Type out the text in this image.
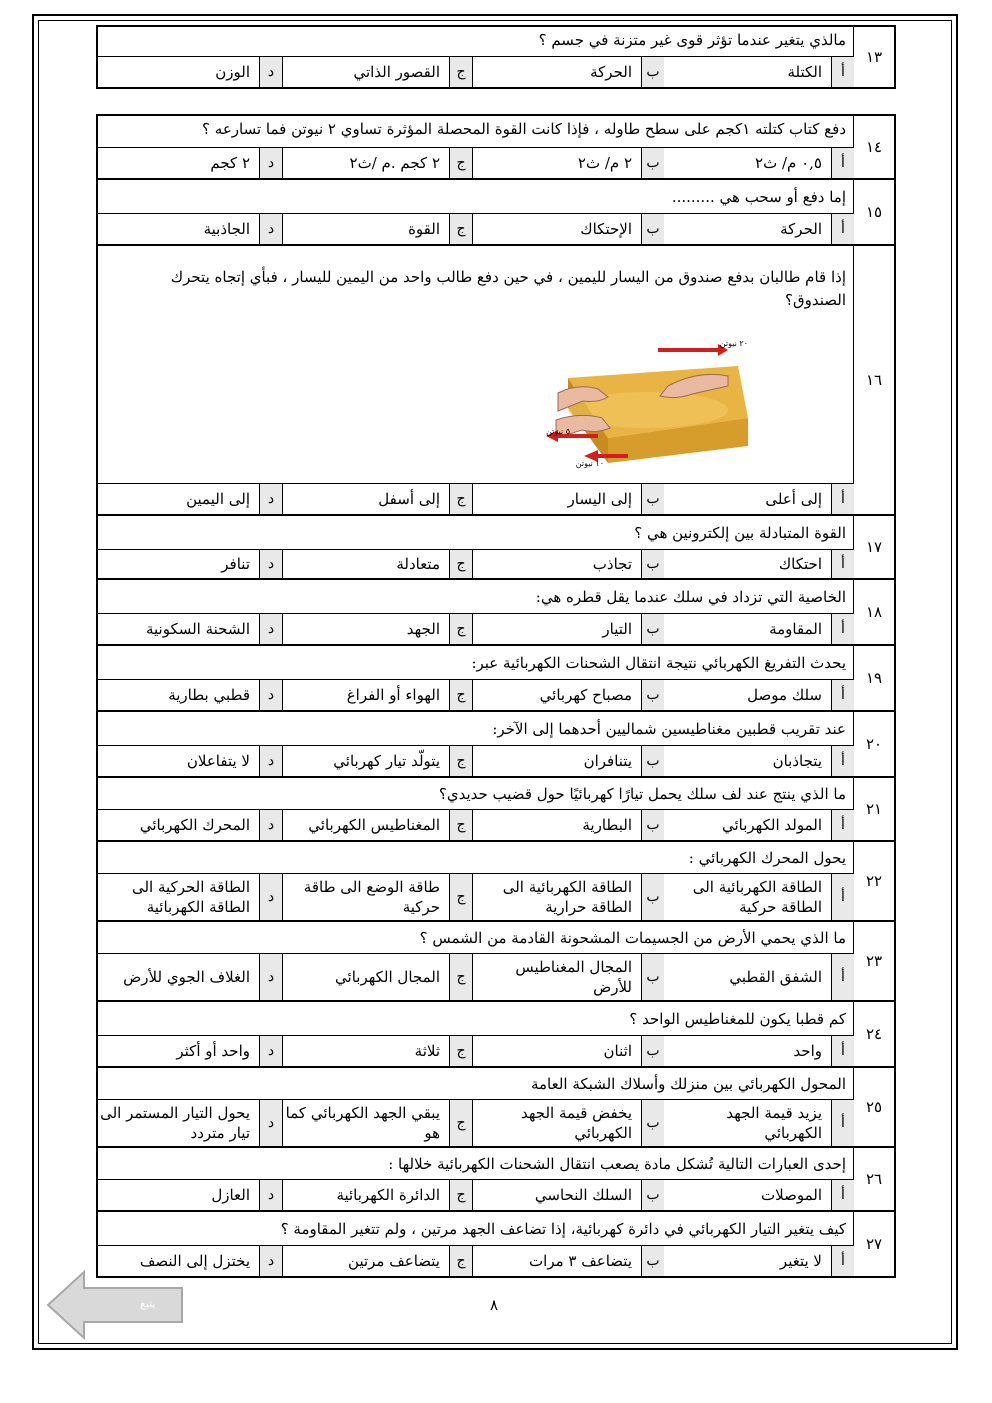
١٣
مالذي يتغير عندما تؤثر قوى غير متزنة في جسم ؟
أ
الكتلة
ب
الحركة
ج
القصور الذاتي
د
الوزن
١٤
دفع كتاب كتلته ١كجم على سطح طاوله ، فإذا كانت القوة المحصلة المؤثرة تساوي ٢ نيوتن فما تسارعه ؟
أ
٠,٥ م/ ث٢
ب
٢ م/ ث٢
ج
٢ كجم .م /ث٢
د
٢ كجم
١٥
إما دفع أو سحب هي .........
أ
الحركة
ب
الإحتكاك
ج
القوة
د
الجاذبية
١٦
إذا قام طالبان بدفع صندوق من اليسار لليمين ، في حين دفع طالب واحد من اليمين لليسار ، فبأي إتجاه يتحرك الصندوق؟
أ
إلى أعلى
ب
إلى اليسار
ج
إلى أسفل
د
إلى اليمين
٢٠ نيوتن
٥ نيوتن
١٠ نيوتن
١٧
القوة المتبادلة بين إلكترونين هي ؟
أ
احتكاك
ب
تجاذب
ج
متعادلة
د
تنافر
١٨
الخاصية التي تزداد في سلك عندما يقل قطره هي:
أ
المقاومة
ب
التيار
ج
الجهد
د
الشحنة السكونية
١٩
يحدث التفريغ الكهربائي نتيجة انتقال الشحنات الكهربائية عبر:
أ
سلك موصل
ب
مصباح كهربائي
ج
الهواء أو الفراغ
د
قطبي بطارية
٢٠
عند تقريب قطبين مغناطيسين شماليين أحدهما إلى الآخر:
أ
يتجاذبان
ب
يتنافران
ج
يتولّد تيار كهربائي
د
لا يتفاعلان
٢١
ما الذي ينتج عند لف سلك يحمل تيارًا كهربائيًا حول قضيب حديدي؟
أ
المولد الكهربائي
ب
البطارية
ج
المغناطيس الكهربائي
د
المحرك الكهربائي
٢٢
يحول المحرك الكهربائي :
أ
الطاقة الكهربائية الى الطاقة حركية
ب
الطاقة الكهربائية الى الطاقة حرارية
ج
طاقة الوضع الى طاقة حركية
د
الطاقة الحركية الى الطاقة الكهربائية
٢٣
ما الذي يحمي الأرض من الجسيمات المشحونة القادمة من الشمس ؟
أ
الشفق القطبي
ب
المجال المغناطيس للأرض
ج
المجال الكهربائي
د
الغلاف الجوي للأرض
٢٤
كم قطبا يكون للمغناطيس الواحد ؟
أ
واحد
ب
اثنان
ج
ثلاثة
د
واحد أو أكثر
٢٥
المحول الكهربائي بين منزلك وأسلاك الشبكة العامة
أ
يزيد قيمة الجهد الكهربائي
ب
يخفض قيمة الجهد الكهربائي
ج
يبقي الجهد الكهربائي كما هو
د
يحول التيار المستمر الى تيار متردد
٢٦
إحدى العبارات التالية تُشكل مادة يصعب انتقال الشحنات الكهربائية خلالها :
أ
الموصلات
ب
السلك النحاسي
ج
الدائرة الكهربائية
د
العازل
٢٧
كيف يتغير التيار الكهربائي في دائرة كهربائية، إذا تضاعف الجهد مرتين ، ولم تتغير المقاومة ؟
أ
لا يتغير
ب
يتضاعف ٣ مرات
ج
يتضاعف مرتين
د
يختزل إلى النصف
يتبع	٨
